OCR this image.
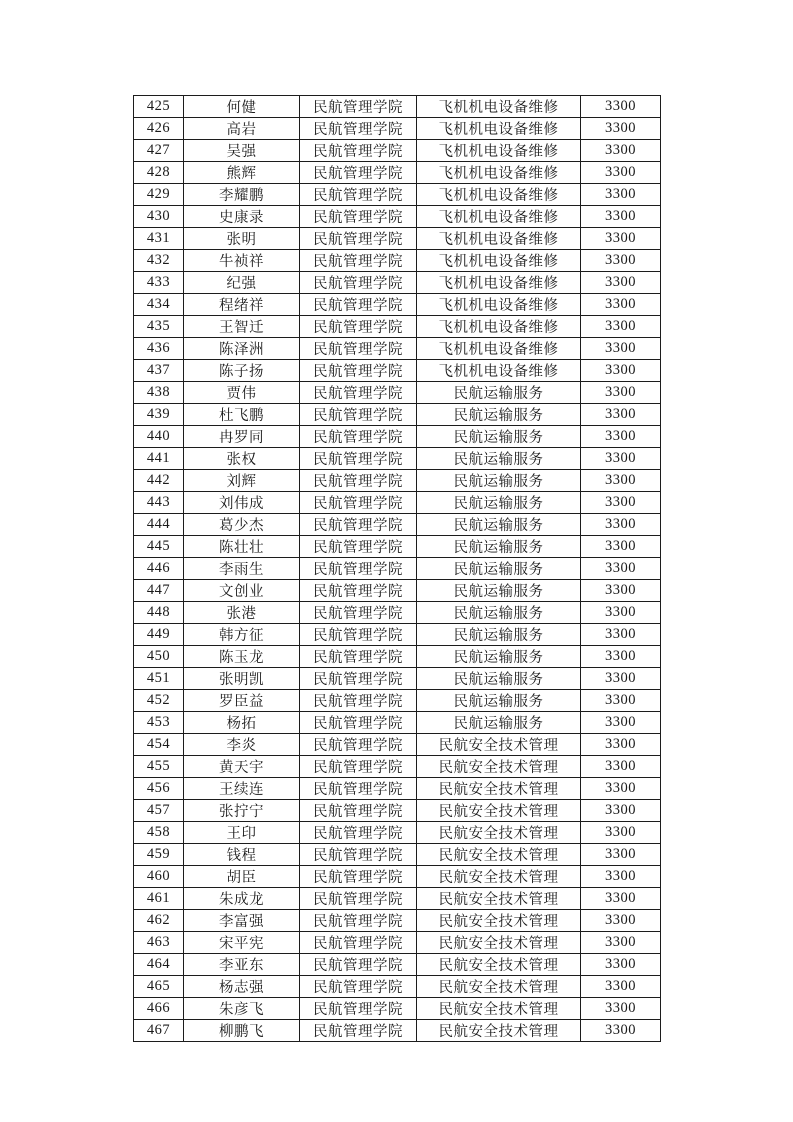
425	何健	民航管理学院	飞机机电设备维修	3300
426	高岩	民航管理学院	飞机机电设备维修	3300
427	吴强	民航管理学院	飞机机电设备维修	3300
428	熊辉	民航管理学院	飞机机电设备维修	3300
429	李耀鹏	民航管理学院	飞机机电设备维修	3300
430	史康录	民航管理学院	飞机机电设备维修	3300
431	张明	民航管理学院	飞机机电设备维修	3300
432	牛祯祥	民航管理学院	飞机机电设备维修	3300
433	纪强	民航管理学院	飞机机电设备维修	3300
434	程绪祥	民航管理学院	飞机机电设备维修	3300
435	王智迁	民航管理学院	飞机机电设备维修	3300
436	陈泽洲	民航管理学院	飞机机电设备维修	3300
437	陈子扬	民航管理学院	飞机机电设备维修	3300
438	贾伟	民航管理学院	民航运输服务	3300
439	杜飞鹏	民航管理学院	民航运输服务	3300
440	冉罗同	民航管理学院	民航运输服务	3300
441	张权	民航管理学院	民航运输服务	3300
442	刘辉	民航管理学院	民航运输服务	3300
443	刘伟成	民航管理学院	民航运输服务	3300
444	葛少杰	民航管理学院	民航运输服务	3300
445	陈壮壮	民航管理学院	民航运输服务	3300
446	李雨生	民航管理学院	民航运输服务	3300
447	文创业	民航管理学院	民航运输服务	3300
448	张港	民航管理学院	民航运输服务	3300
449	韩方征	民航管理学院	民航运输服务	3300
450	陈玉龙	民航管理学院	民航运输服务	3300
451	张明凯	民航管理学院	民航运输服务	3300
452	罗臣益	民航管理学院	民航运输服务	3300
453	杨拓	民航管理学院	民航运输服务	3300
454	李炎	民航管理学院	民航安全技术管理	3300
455	黄天宇	民航管理学院	民航安全技术管理	3300
456	王续连	民航管理学院	民航安全技术管理	3300
457	张拧宁	民航管理学院	民航安全技术管理	3300
458	王印	民航管理学院	民航安全技术管理	3300
459	钱程	民航管理学院	民航安全技术管理	3300
460	胡臣	民航管理学院	民航安全技术管理	3300
461	朱成龙	民航管理学院	民航安全技术管理	3300
462	李富强	民航管理学院	民航安全技术管理	3300
463	宋平宪	民航管理学院	民航安全技术管理	3300
464	李亚东	民航管理学院	民航安全技术管理	3300
465	杨志强	民航管理学院	民航安全技术管理	3300
466	朱彦飞	民航管理学院	民航安全技术管理	3300
467	柳鹏飞	民航管理学院	民航安全技术管理	3300
